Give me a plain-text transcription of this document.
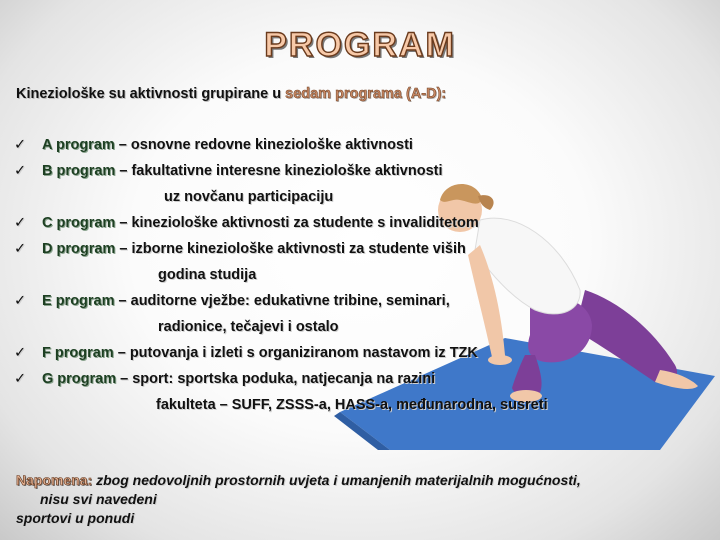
PROGRAM
Kineziološke su aktivnosti grupirane u sedam programa (A-D):
✓ A program – osnovne redovne kineziološke aktivnosti
✓ B program – fakultativne interesne kineziološke aktivnosti
uz novčanu participaciju
✓ C program – kineziološke aktivnosti za studente s invaliditetom
✓ D program – izborne kineziološke aktivnosti za studente viših
godina studija
✓ E program – auditorne vježbe: edukativne tribine, seminari,
radionice, tečajevi i ostalo
✓ F program – putovanja i izleti s organiziranom nastavom iz TZK
✓ G program – sport: sportska poduka, natjecanja na razini
fakulteta – SUFF, ZSSS-a, HASS-a, međunarodna, susreti
Napomena: zbog nedovoljnih prostornih uvjeta i umanjenih materijalnih mogućnosti,
nisu svi navedeni
sportovi u ponudi
